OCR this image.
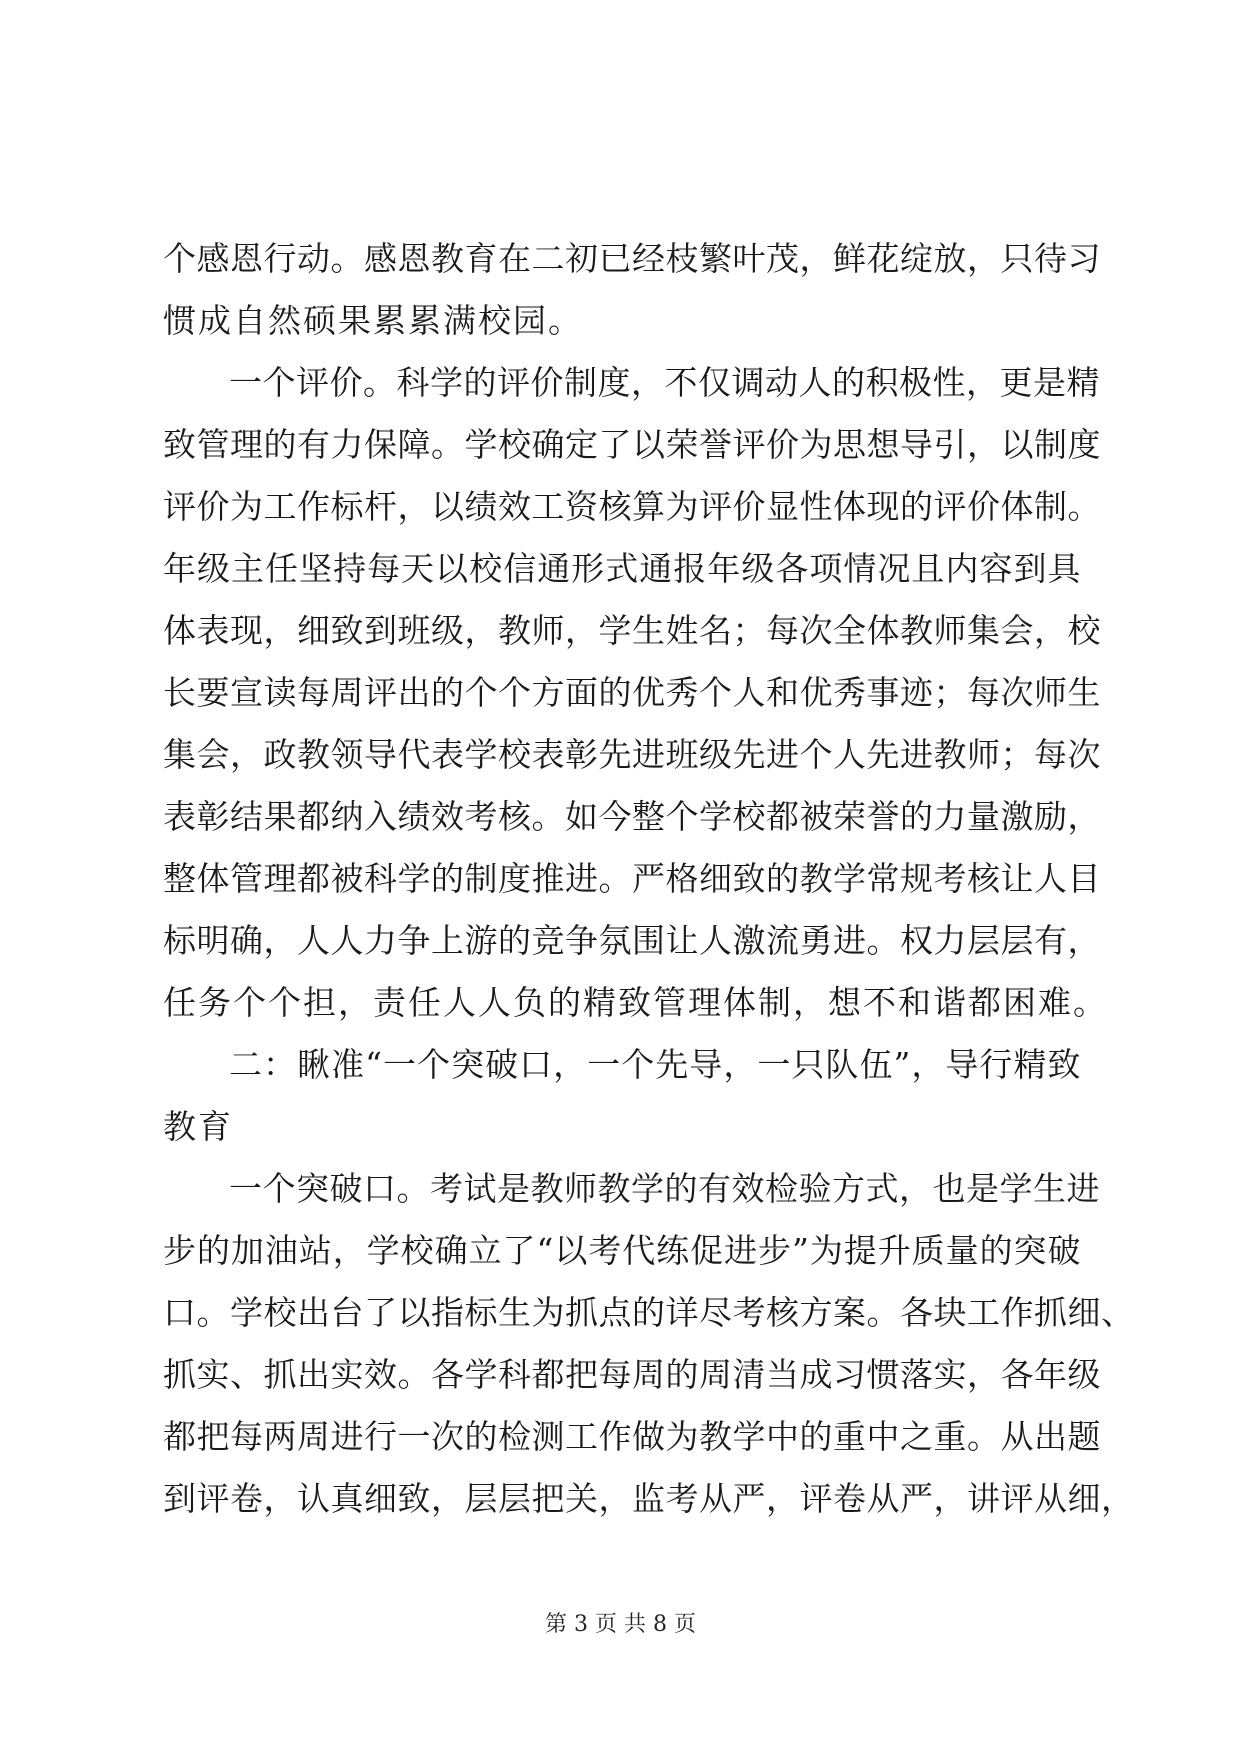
个感恩行动。感恩教育在二初已经枝繁叶茂，鲜花绽放，只待习
惯成自然硕果累累满校园。
一个评价。科学的评价制度，不仅调动人的积极性，更是精
致管理的有力保障。学校确定了以荣誉评价为思想导引，以制度
评价为工作标杆，以绩效工资核算为评价显性体现的评价体制。
年级主任坚持每天以校信通形式通报年级各项情况且内容到具
体表现，细致到班级，教师，学生姓名；每次全体教师集会，校
长要宣读每周评出的个个方面的优秀个人和优秀事迹；每次师生
集会，政教领导代表学校表彰先进班级先进个人先进教师；每次
表彰结果都纳入绩效考核。如今整个学校都被荣誉的力量激励，
整体管理都被科学的制度推进。严格细致的教学常规考核让人目
标明确，人人力争上游的竞争氛围让人激流勇进。权力层层有，
任务个个担，责任人人负的精致管理体制，想不和谐都困难。
二：瞅准“一个突破口，一个先导，一只队伍”，导行精致
教育
一个突破口。考试是教师教学的有效检验方式，也是学生进
步的加油站，学校确立了“以考代练促进步”为提升质量的突破
口。学校出台了以指标生为抓点的详尽考核方案。各块工作抓细、
抓实、抓出实效。各学科都把每周的周清当成习惯落实，各年级
都把每两周进行一次的检测工作做为教学中的重中之重。从出题
到评卷，认真细致，层层把关，监考从严，评卷从严，讲评从细，
第 3 页 共 8 页
